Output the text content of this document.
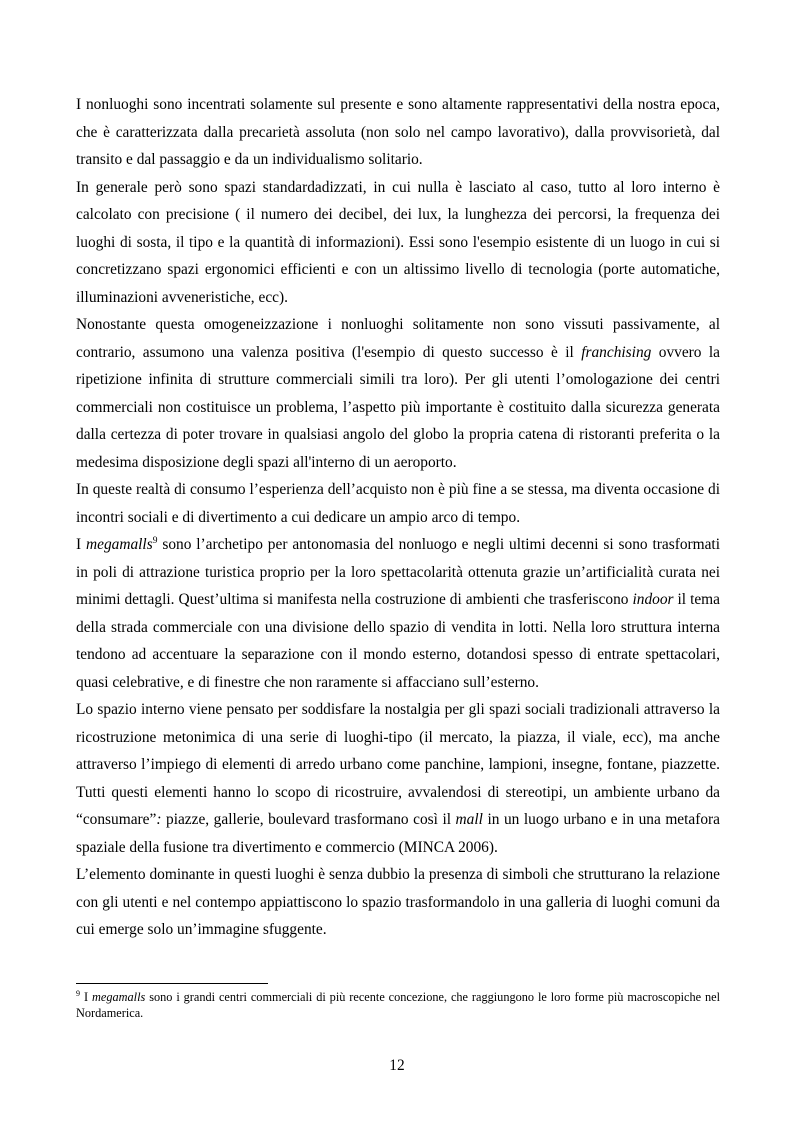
I nonluoghi sono incentrati solamente sul presente e sono altamente rappresentativi della nostra epoca, che è caratterizzata dalla precarietà assoluta (non solo nel campo lavorativo), dalla provvisorietà, dal transito e dal passaggio e da un individualismo solitario.

In generale però sono spazi standardadizzati, in cui nulla è lasciato al caso, tutto al loro interno è calcolato con precisione ( il numero dei decibel, dei lux, la lunghezza dei percorsi, la frequenza dei luoghi di sosta, il tipo e la quantità di informazioni). Essi sono l'esempio esistente di un luogo in cui si concretizzano spazi ergonomici efficienti e con un altissimo livello di tecnologia (porte automatiche, illuminazioni avveneristiche, ecc).

Nonostante questa omogeneizzazione i nonluoghi solitamente non sono vissuti passivamente, al contrario, assumono una valenza positiva (l'esempio di questo successo è il franchising ovvero la ripetizione infinita di strutture commerciali simili tra loro). Per gli utenti l’omologazione dei centri commerciali non costituisce un problema, l’aspetto più importante è costituito dalla sicurezza generata dalla certezza di poter trovare in qualsiasi angolo del globo la propria catena di ristoranti preferita o la medesima disposizione degli spazi all'interno di un aeroporto.

In queste realtà di consumo l’esperienza dell’acquisto non è più fine a se stessa, ma diventa occasione di incontri sociali e di divertimento a cui dedicare un ampio arco di tempo.

I megamalls$^9$ sono l’archetipo per antonomasia del nonluogo e negli ultimi decenni si sono trasformati in poli di attrazione turistica proprio per la loro spettacolarità ottenuta grazie un’artificialità curata nei minimi dettagli. Quest’ultima si manifesta nella costruzione di ambienti che trasferiscono indoor il tema della strada commerciale con una divisione dello spazio di vendita in lotti. Nella loro struttura interna tendono ad accentuare la separazione con il mondo esterno, dotandosi spesso di entrate spettacolari, quasi celebrative, e di finestre che non raramente si affacciano sull’esterno.

Lo spazio interno viene pensato per soddisfare la nostalgia per gli spazi sociali tradizionali attraverso la ricostruzione metonimica di una serie di luoghi-tipo (il mercato, la piazza, il viale, ecc), ma anche attraverso l’impiego di elementi di arredo urbano come panchine, lampioni, insegne, fontane, piazzette. Tutti questi elementi hanno lo scopo di ricostruire, avvalendosi di stereotipi, un ambiente urbano da “consumare”: piazze, gallerie, boulevard trasformano così il mall in un luogo urbano e in una metafora spaziale della fusione tra divertimento e commercio (MINCA 2006).

L’elemento dominante in questi luoghi è senza dubbio la presenza di simboli che strutturano la relazione con gli utenti e nel contempo appiattiscono lo spazio trasformandolo in una galleria di luoghi comuni da cui emerge solo un’immagine sfuggente.

$^9$ I megamalls sono i grandi centri commerciali di più recente concezione, che raggiungono le loro forme più macroscopiche nel Nordamerica.

12
